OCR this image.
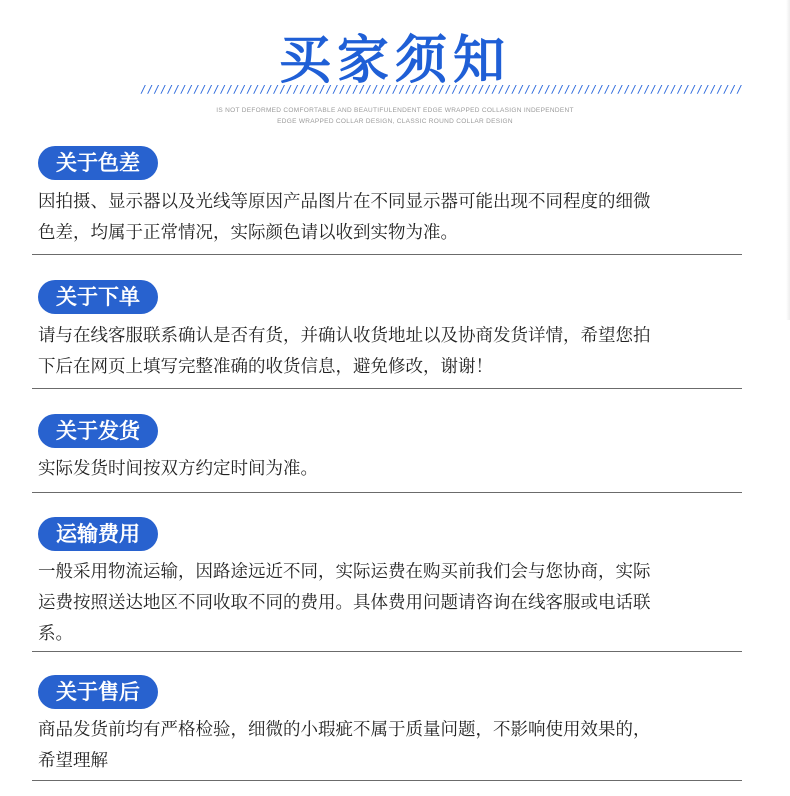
买家须知
///////////////////////////////////////////////////////////////////////////////////////////
IS NOT DEFORMED COMFORTABLE AND BEAUTIFULENDENT EDGE WRAPPED COLLASIGN INDEPENDENT
EDGE WRAPPED COLLAR DESIGN, CLASSIC ROUND COLLAR DESIGN
关于色差
因拍摄、显示器以及光线等原因产品图片在不同显示器可能出现不同程度的细微
色差，均属于正常情况，实际颜色请以收到实物为准。
关于下单
请与在线客服联系确认是否有货，并确认收货地址以及协商发货详情，希望您拍
下后在网页上填写完整准确的收货信息，避免修改，谢谢！
关于发货
实际发货时间按双方约定时间为准。
运输费用
一般采用物流运输，因路途远近不同，实际运费在购买前我们会与您协商，实际
运费按照送达地区不同收取不同的费用。具体费用问题请咨询在线客服或电话联
系。
关于售后
商品发货前均有严格检验，细微的小瑕疵不属于质量问题，不影响使用效果的，
希望理解
